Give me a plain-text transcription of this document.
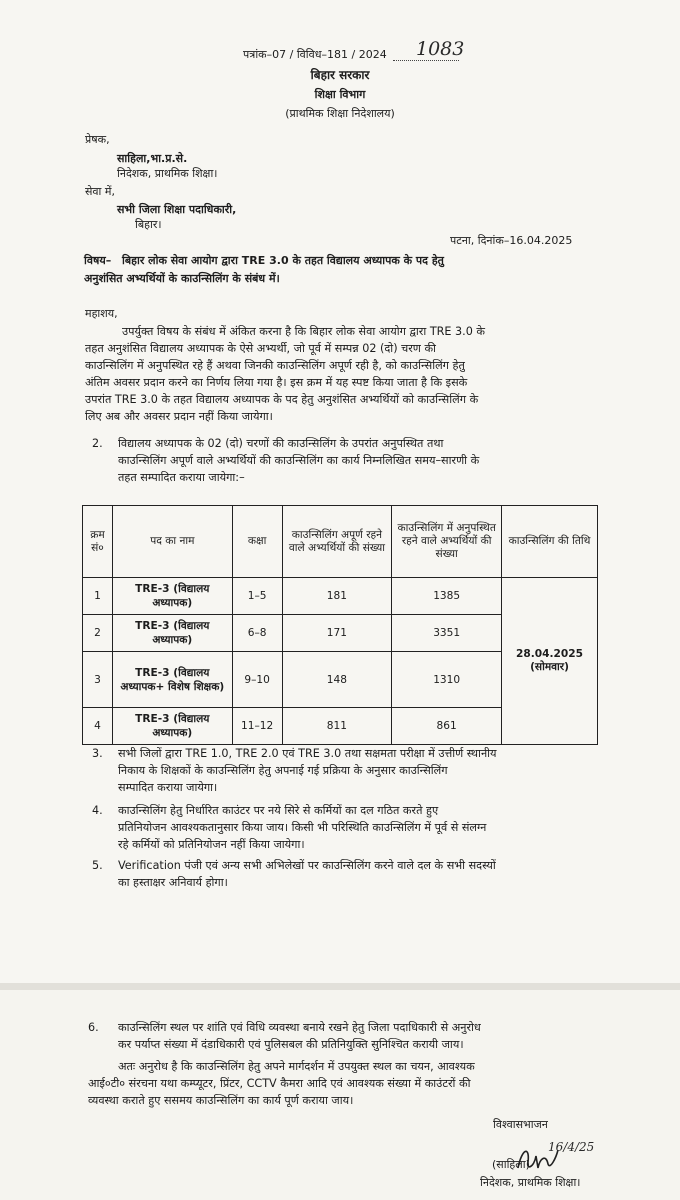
पत्रांक–07 / विविध–181 / 2024	1083
बिहार सरकार
शिक्षा विभाग
(प्राथमिक शिक्षा निदेशालय)
प्रेषक,
साहिला,भा.प्र.से.
निदेशक, प्राथमिक शिक्षा।
सेवा में,
सभी जिला शिक्षा पदाधिकारी,
बिहार।
पटना, दिनांक–16.04.2025
विषय– बिहार लोक सेवा आयोग द्वारा TRE 3.0 के तहत विद्यालय अध्यापक के पद हेतु
अनुशंसित अभ्यर्थियों के काउन्सिलिंग के संबंध में।
महाशय,
उपर्युक्त विषय के संबंध में अंकित करना है कि बिहार लोक सेवा आयोग द्वारा TRE 3.0 के
तहत अनुशंसित विद्यालय अध्यापक के ऐसे अभ्यर्थी, जो पूर्व में सम्पन्न 02 (दो) चरण की
काउन्सिलिंग में अनुपस्थित रहे हैं अथवा जिनकी काउन्सिलिंग अपूर्ण रही है, को काउन्सिलिंग हेतु
अंतिम अवसर प्रदान करने का निर्णय लिया गया है। इस क्रम में यह स्पष्ट किया जाता है कि इसके
उपरांत TRE 3.0 के तहत विद्यालय अध्यापक के पद हेतु अनुशंसित अभ्यर्थियों को काउन्सिलिंग के
लिए अब और अवसर प्रदान नहीं किया जायेगा।
2. विद्यालय अध्यापक के 02 (दो) चरणों की काउन्सिलिंग के उपरांत अनुपस्थित तथा
काउन्सिलिंग अपूर्ण वाले अभ्यर्थियों की काउन्सिलिंग का कार्य निम्नलिखित समय–सारणी के
तहत सम्पादित कराया जायेगा:–
क्रम सं०	पद का नाम	कक्षा	काउन्सिलिंग अपूर्ण रहने वाले अभ्यर्थियों की संख्या	काउन्सिलिंग में अनुपस्थित रहने वाले अभ्यर्थियों की संख्या	काउन्सिलिंग की तिथि
1	TRE-3 (विद्यालय अध्यापक)	1–5	181	1385	28.04.2025
(सोमवार)

2	TRE-3 (विद्यालय अध्यापक)	6–8	171	3351	
3	TRE-3 (विद्यालय अध्यापक+ विशेष शिक्षक)	9–10	148	1310	
4	TRE-3 (विद्यालय अध्यापक)	11–12	811	861	
3. सभी जिलों द्वारा TRE 1.0, TRE 2.0 एवं TRE 3.0 तथा सक्षमता परीक्षा में उत्तीर्ण स्थानीय
निकाय के शिक्षकों के काउन्सिलिंग हेतु अपनाई गई प्रक्रिया के अनुसार काउन्सिलिंग
सम्पादित कराया जायेगा।
4. काउन्सिलिंग हेतु निर्धारित काउंटर पर नये सिरे से कर्मियों का दल गठित करते हुए
प्रतिनियोजन आवश्यकतानुसार किया जाय। किसी भी परिस्थिति काउन्सिलिंग में पूर्व से संलग्न
रहे कर्मियों को प्रतिनियोजन नहीं किया जायेगा।
5. Verification पंजी एवं अन्य सभी अभिलेखों पर काउन्सिलिंग करने वाले दल के सभी सदस्यों
का हस्ताक्षर अनिवार्य होगा।
6. काउन्सिलिंग स्थल पर शांति एवं विधि व्यवस्था बनाये रखने हेतु जिला पदाधिकारी से अनुरोध
कर पर्याप्त संख्या में दंडाधिकारी एवं पुलिसबल की प्रतिनियुक्ति सुनिश्चित करायी जाय।
अतः अनुरोध है कि काउन्सिलिंग हेतु अपने मार्गदर्शन में उपयुक्त स्थल का चयन, आवश्यक
आई०टी० संरचना यथा कम्प्यूटर, प्रिंटर, CCTV कैमरा आदि एवं आवश्यक संख्या में काउंटरों की
व्यवस्था कराते हुए ससमय काउन्सिलिंग का कार्य पूर्ण कराया जाय।
विश्वासभाजन
16/4/25
(साहिला)
निदेशक, प्राथमिक शिक्षा।
